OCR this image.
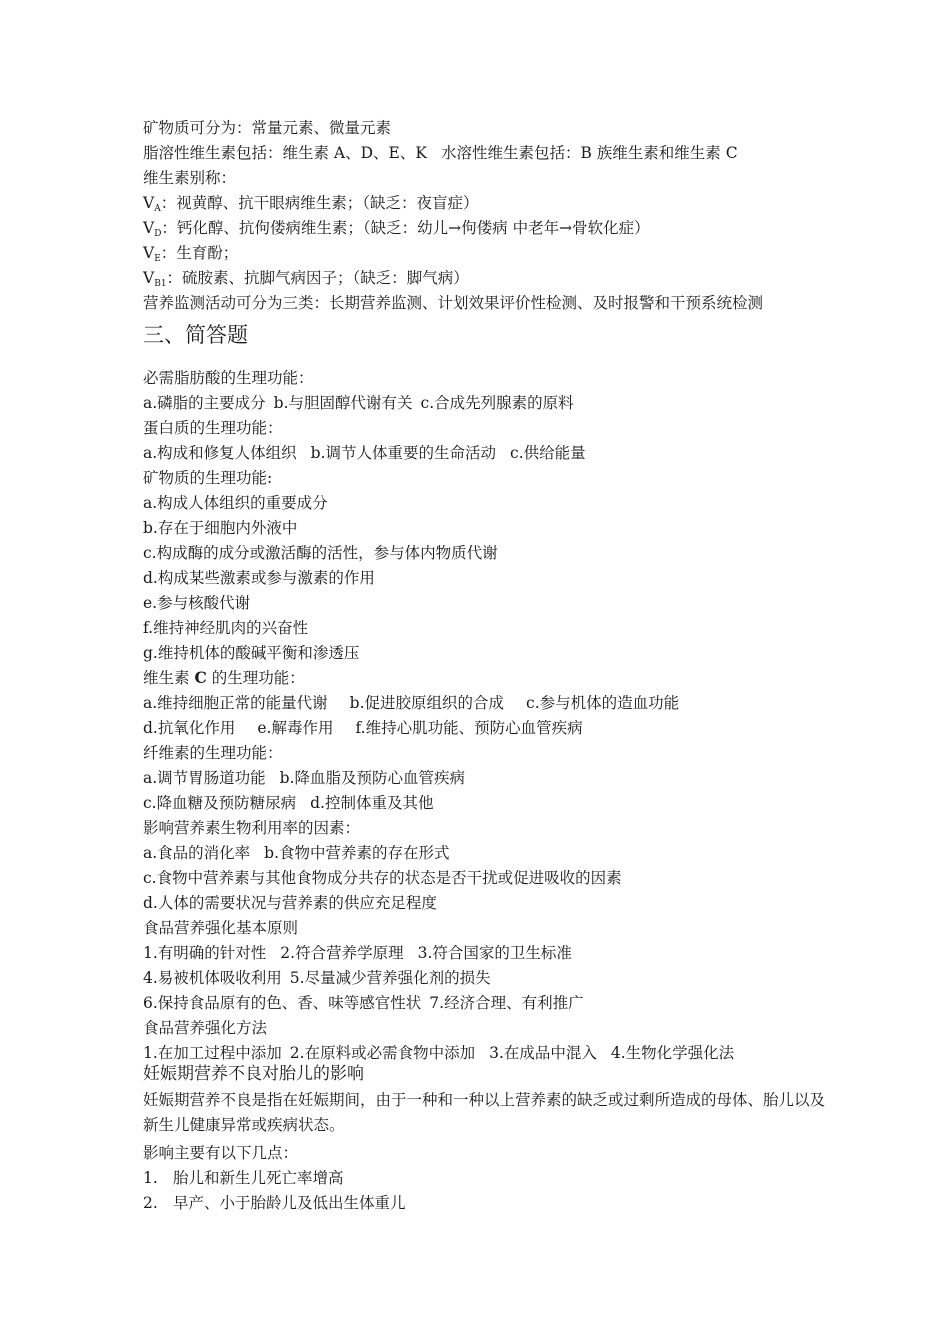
矿物质可分为：常量元素、微量元素
脂溶性维生素包括：维生素 A、D、E、K 水溶性维生素包括：B 族维生素和维生素 C
维生素别称：
$V_A$：视黄醇、抗干眼病维生素；（缺乏：夜盲症）
$V_D$：钙化醇、抗佝偻病维生素；（缺乏：幼儿→佝偻病 中老年→骨软化症）
$V_E$：生育酚；
$V_{B1}$：硫胺素、抗脚气病因子；（缺乏：脚气病）
营养监测活动可分为三类：长期营养监测、计划效果评价性检测、及时报警和干预系统检测
三、简答题
必需脂肪酸的生理功能：
a.磷脂的主要成分 b.与胆固醇代谢有关 c.合成先列腺素的原料
蛋白质的生理功能：
a.构成和修复人体组织 b.调节人体重要的生命活动 c.供给能量
矿物质的生理功能:
a.构成人体组织的重要成分
b.存在于细胞内外液中
c.构成酶的成分或激活酶的活性，参与体内物质代谢
d.构成某些激素或参与激素的作用
e.参与核酸代谢
f.维持神经肌肉的兴奋性
g.维持机体的酸碱平衡和渗透压
维生素 C 的生理功能：
a.维持细胞正常的能量代谢 b.促进胶原组织的合成 c.参与机体的造血功能
d.抗氧化作用 e.解毒作用 f.维持心肌功能、预防心血管疾病
纤维素的生理功能：
a.调节胃肠道功能 b.降血脂及预防心血管疾病
c.降血糖及预防糖尿病 d.控制体重及其他
影响营养素生物利用率的因素：
a.食品的消化率 b.食物中营养素的存在形式
c.食物中营养素与其他食物成分共存的状态是否干扰或促进吸收的因素
d.人体的需要状况与营养素的供应充足程度
食品营养强化基本原则
1.有明确的针对性 2.符合营养学原理 3.符合国家的卫生标准
4.易被机体吸收利用 5.尽量减少营养强化剂的损失
6.保持食品原有的色、香、味等感官性状 7.经济合理、有利推广
食品营养强化方法
1.在加工过程中添加 2.在原料或必需食物中添加 3.在成品中混入 4.生物化学强化法
妊娠期营养不良对胎儿的影响
妊娠期营养不良是指在妊娠期间，由于一种和一种以上营养素的缺乏或过剩所造成的母体、胎儿以及新生儿健康异常或疾病状态。
影响主要有以下几点：
1. 胎儿和新生儿死亡率增高
2. 早产、小于胎龄儿及低出生体重儿
